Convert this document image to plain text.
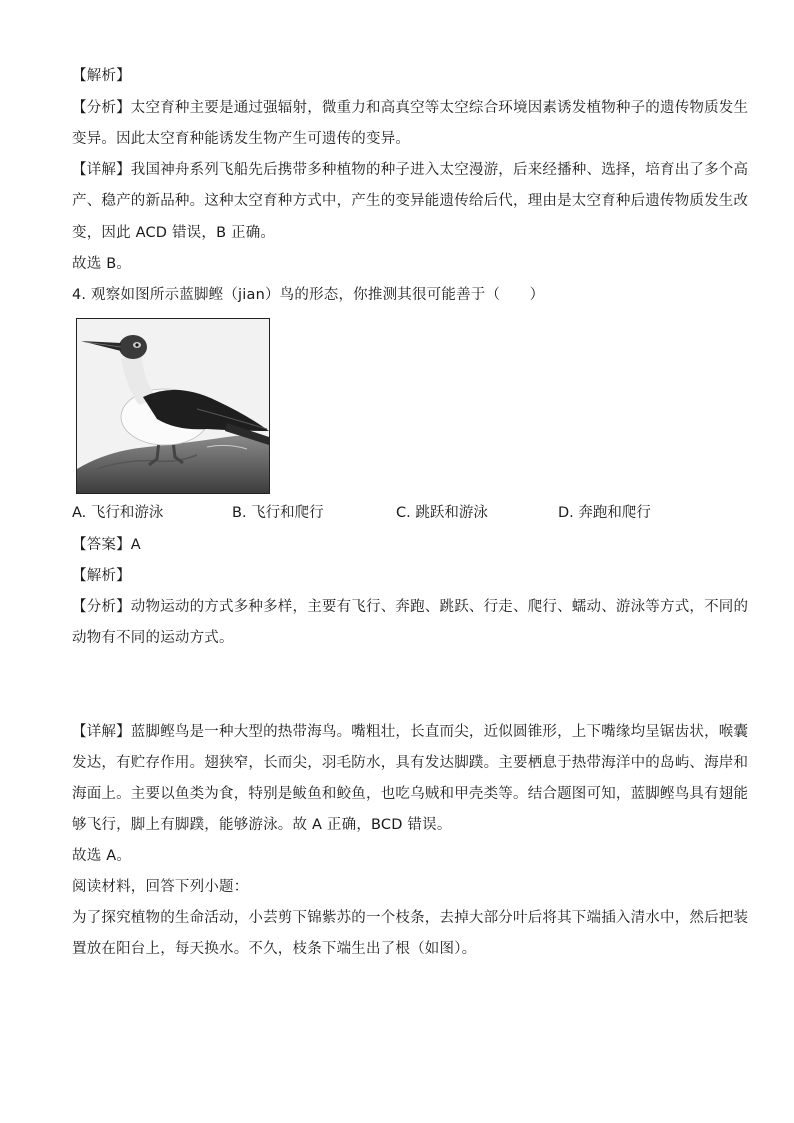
【解析】
【分析】太空育种主要是通过强辐射，微重力和高真空等太空综合环境因素诱发植物种子的遗传物质发生
变异。因此太空育种能诱发生物产生可遗传的变异。
【详解】我国神舟系列飞船先后携带多种植物的种子进入太空漫游，后来经播种、选择，培育出了多个高
产、稳产的新品种。这种太空育种方式中，产生的变异能遗传给后代，理由是太空育种后遗传物质发生改
变，因此 ACD 错误，B 正确。
故选 B。
4. 观察如图所示蓝脚鲣（jian）鸟的形态，你推测其很可能善于（　　）
A. 飞行和游泳	B. 飞行和爬行	C. 跳跃和游泳	D. 奔跑和爬行
【答案】A
【解析】
【分析】动物运动的方式多种多样，主要有飞行、奔跑、跳跃、行走、爬行、蠕动、游泳等方式，不同的
动物有不同的运动方式。
【详解】蓝脚鲣鸟是一种大型的热带海鸟。嘴粗壮，长直而尖，近似圆锥形，上下嘴缘均呈锯齿状，喉囊
发达，有贮存作用。翅狭窄，长而尖，羽毛防水，具有发达脚蹼。主要栖息于热带海洋中的岛屿、海岸和
海面上。主要以鱼类为食，特别是鲅鱼和鲛鱼，也吃乌贼和甲壳类等。结合题图可知，蓝脚鲣鸟具有翅能
够飞行，脚上有脚蹼，能够游泳。故 A 正确，BCD 错误。
故选 A。
阅读材料，回答下列小题：
为了探究植物的生命活动，小芸剪下锦紫苏的一个枝条，去掉大部分叶后将其下端插入清水中，然后把装
置放在阳台上，每天换水。不久，枝条下端生出了根（如图）。
